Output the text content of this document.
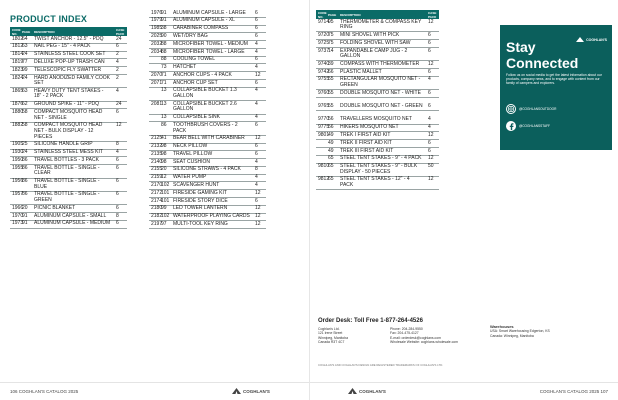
PRODUCT INDEX
CODE NO.	PAGE	DESCRIPTION	CASE PACK
1802	64	TWIST ANCHOR - 12.5" - PDQ	24
1812	63	NAIL PEG - 15" - 4 PACK	6
1814	24	STAINLESS STEEL COOK SET	2
1819	77	DELUXE POP-UP TRASH CAN	4
1823	99	TELESCOPIC FLY SWATTER	2
1824	24	HARD ANODIZED FAMILY COOK SET	2
1865	63	HEAVY DUTY TENT STAKES - 18" - 2 PACK	4
1876	62	GROUND SPIKE - 11" - PDQ	24
1880	58	COMPACT MOSQUITO HEAD NET - SINGLE	6
1882	58	COMPACT MOSQUITO HEAD NET - BULK DISPLAY - 12 PIECES	12
1905	25	SILICONE HANDLE GRIP	8
1930	24	STAINLESS STEEL MESS KIT	4
1950	86	TRAVEL BOTTLES - 3 PACK	6
1955	86	TRAVEL BOTTLE - SINGLE - CLEAR	6
1956	86	TRAVEL BOTTLE - SINGLE - BLUE	6
1957	86	TRAVEL BOTTLE - SINGLE - GREEN	6
1966	20	PICNIC BLANKET	6
1970	91	ALUMINUM CAPSULE - SMALL	8
1973	91	ALUMINUM CAPSULE - MEDIUM	6
1976	91	ALUMINUM CAPSULE - LARGE	6
1979	91	ALUMINUM CAPSULE - XL	6
1985	38	CARABINER COMPASS	6
2025	90	WET/DRY BAG	6
2032	88	MICROFIBER TOWEL - MEDIUM	4
2034	88	MICROFIBER TOWEL - LARGE	4
	88	COOLING TOWEL	6
	73	HATCHET	4
2070	71	ANCHOR CUPS - 4 PACK	12
2071	71	ANCHOR CUP SET	6
	13	COLLAPSIBLE BUCKET 1.3 GALLON	4
2081	13	COLLAPSIBLE BUCKET 2.6 GALLON	4
	13	COLLAPSIBLE SINK	4
	86	TOOTHBRUSH COVERS - 2 PACK	6
2125	41	BEAR BELL WITH CARABINER	12
2132	98	NECK PILLOW	6
2135	98	TRAVEL PILLOW	6
2140	98	SEAT CUSHION	4
2155	20	SILICONE STRAWS - 4 PACK	8
2159	12	WATER PUMP	4
2170	102	SCAVENGER HUNT	4
2172	101	FIRESIDE GAMING KIT	12
2174	101	FIRESIDE STORY DICE	6
2180	99	LED TOWER LANTERN	12
2182	102	WATERPROOF PLAYING CARDS	12
2197	97	MULTI-TOOL KEY RING	12
106 COGHLAN'S CATALOG 2025	COGHLAN'S
CODE NO.	PAGE	DESCRIPTION	CASE PACK
9714	95	THERMOMETER & COMPASS KEY RING	12
9720	75	MINI SHOVEL WITH PICK	6
9725	75	FOLDING SHOVEL WITH SAW	6
9737	14	EXPANDABLE CAMP JUG - 2 GALLON	6
9740	39	COMPASS WITH THERMOMETER	12
9742	66	PLASTIC MALLET	6
9755	55	RECTANGULAR MOSQUITO NET - GREEN	4
9760	55	DOUBLE MOSQUITO NET - WHITE	6

9765	55	DOUBLE MOSQUITO NET - GREEN	6

9770	56	TRAVELLERS MOSQUITO NET	4
9775	56	HIKERS MOSQUITO NET	4
9801	49	TREK I FIRST AID KIT	12
	49	TREK II FIRST AID KIT	6
	49	TREK III FIRST AID KIT	6
	65	STEEL TENT STAKES - 9" - 4 PACK	12
9810	65	STEEL TENT STAKES - 9" - BULK DISPLAY - 50 PIECES	50
9812	65	STEEL TENT STAKES - 12" - 4 PACK	12
COGHLAN'S
Stay
Connected
Follow us on social media to get the latest information about our products, company news, and to engage with content from our family of campers and explorers.
@COGHLANSOUTDOOR
@COGHLANSSTAFF
Order Desk: Toll Free 1-877-264-4526
Coghlan's Ltd.
121 Irene Street
Winnipeg, Manitoba
Canada R3T 4C7
Phone: 204-284-9550
Fax: 204-475-4127
E-mail: orderdesk@coghlans.com
Wholesale Website: coghlans-wholesale.com
Warehouses
USA: Smart Warehousing Edgerton, KS
Canada: Winnipeg, Manitoba
COGHLAN'S AND COGHLAN'S DESIGN ARE REGISTERED TRADEMARKS OF COGHLAN'S LTD.
COGHLAN'S	COGHLAN'S CATALOG 2025 107
